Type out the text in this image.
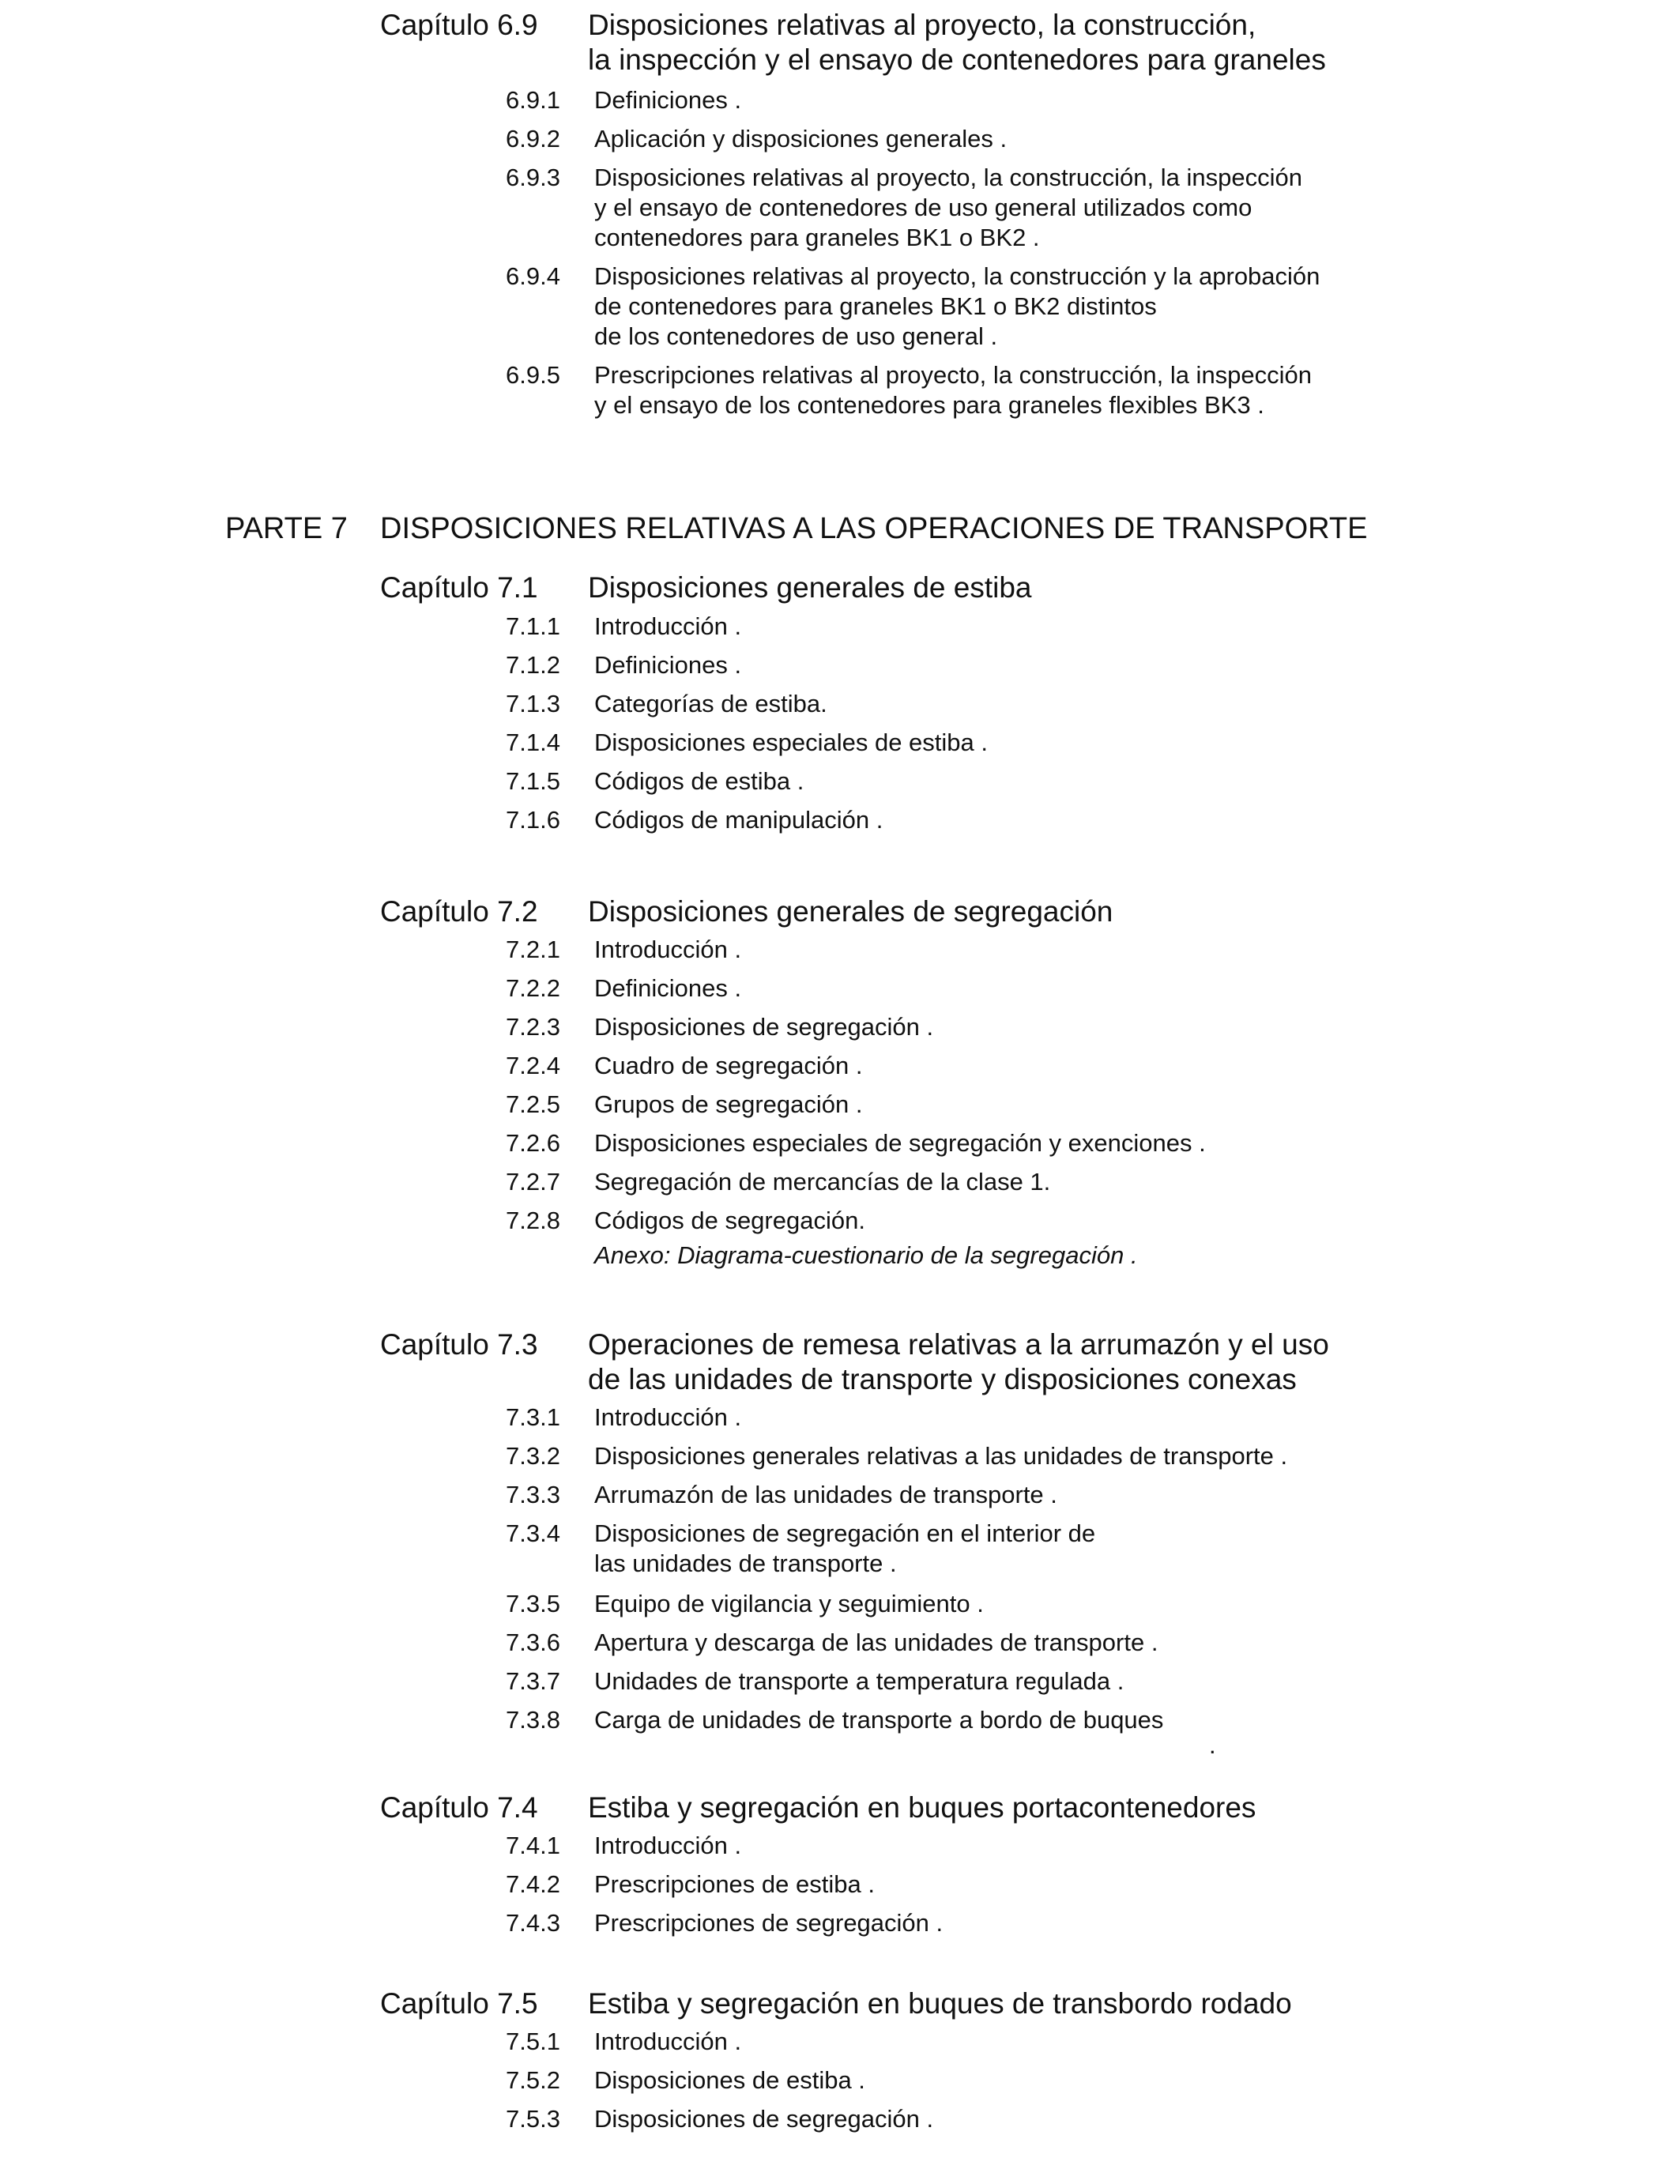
Capítulo 6.9 Disposiciones relativas al proyecto, la construcción,
la inspección y el ensayo de contenedores para graneles
6.9.1 Definiciones .
6.9.2 Aplicación y disposiciones generales .
6.9.3 Disposiciones relativas al proyecto, la construcción, la inspección
y el ensayo de contenedores de uso general utilizados como
contenedores para graneles BK1 o BK2 .
6.9.4 Disposiciones relativas al proyecto, la construcción y la aprobación
de contenedores para graneles BK1 o BK2 distintos
de los contenedores de uso general .
6.9.5 Prescripciones relativas al proyecto, la construcción, la inspección
y el ensayo de los contenedores para graneles flexibles BK3 .
PARTE 7 DISPOSICIONES RELATIVAS A LAS OPERACIONES DE TRANSPORTE
Capítulo 7.1 Disposiciones generales de estiba
7.1.1 Introducción .
7.1.2 Definiciones .
7.1.3 Categorías de estiba.
7.1.4 Disposiciones especiales de estiba .
7.1.5 Códigos de estiba .
7.1.6 Códigos de manipulación .
Capítulo 7.2 Disposiciones generales de segregación
7.2.1 Introducción .
7.2.2 Definiciones .
7.2.3 Disposiciones de segregación .
7.2.4 Cuadro de segregación .
7.2.5 Grupos de segregación .
7.2.6 Disposiciones especiales de segregación y exenciones .
7.2.7 Segregación de mercancías de la clase 1.
7.2.8 Códigos de segregación.
Anexo: Diagrama-cuestionario de la segregación .
Capítulo 7.3 Operaciones de remesa relativas a la arrumazón y el uso
de las unidades de transporte y disposiciones conexas
7.3.1 Introducción .
7.3.2 Disposiciones generales relativas a las unidades de transporte .
7.3.3 Arrumazón de las unidades de transporte .
7.3.4 Disposiciones de segregación en el interior de
las unidades de transporte .
7.3.5 Equipo de vigilancia y seguimiento .
7.3.6 Apertura y descarga de las unidades de transporte .
7.3.7 Unidades de transporte a temperatura regulada .
7.3.8 Carga de unidades de transporte a bordo de buques
.
Capítulo 7.4 Estiba y segregación en buques portacontenedores
7.4.1 Introducción .
7.4.2 Prescripciones de estiba .
7.4.3 Prescripciones de segregación .
Capítulo 7.5 Estiba y segregación en buques de transbordo rodado
7.5.1 Introducción .
7.5.2 Disposiciones de estiba .
7.5.3 Disposiciones de segregación .
